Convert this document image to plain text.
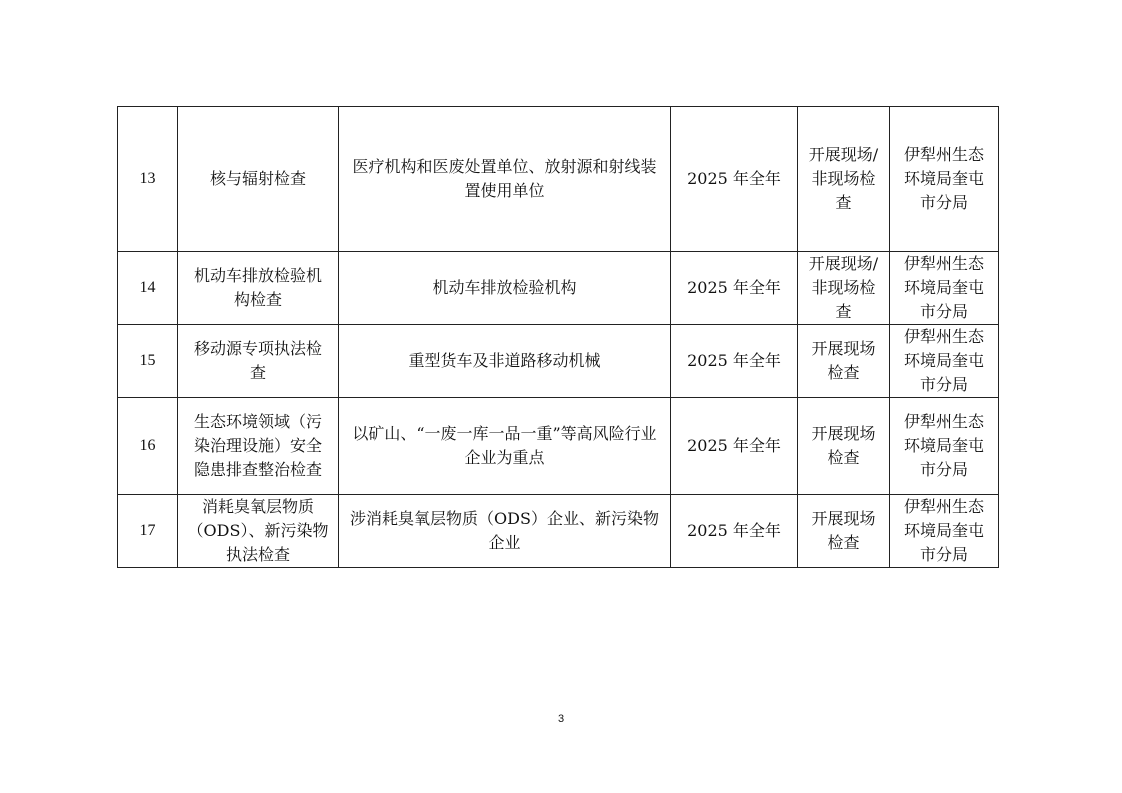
13	核与辐射检查	医疗机构和医废处置单位、放射源和射线装置使用单位	2025 年全年	开展现场/非现场检查	伊犁州生态环境局奎屯市分局

14	机动车排放检验机构检查	机动车排放检验机构	2025 年全年	开展现场/非现场检查	伊犁州生态环境局奎屯市分局

15	移动源专项执法检查	重型货车及非道路移动机械	2025 年全年	开展现场检查	伊犁州生态环境局奎屯市分局

16	生态环境领域（污染治理设施）安全隐患排查整治检查	以矿山、“一废一库一品一重”等高风险行业企业为重点	2025 年全年	开展现场检查	伊犁州生态环境局奎屯市分局

17	消耗臭氧层物质（ODS）、新污染物执法检查	涉消耗臭氧层物质（ODS）企业、新污染物企业	2025 年全年	开展现场检查	伊犁州生态环境局奎屯市分局
3
